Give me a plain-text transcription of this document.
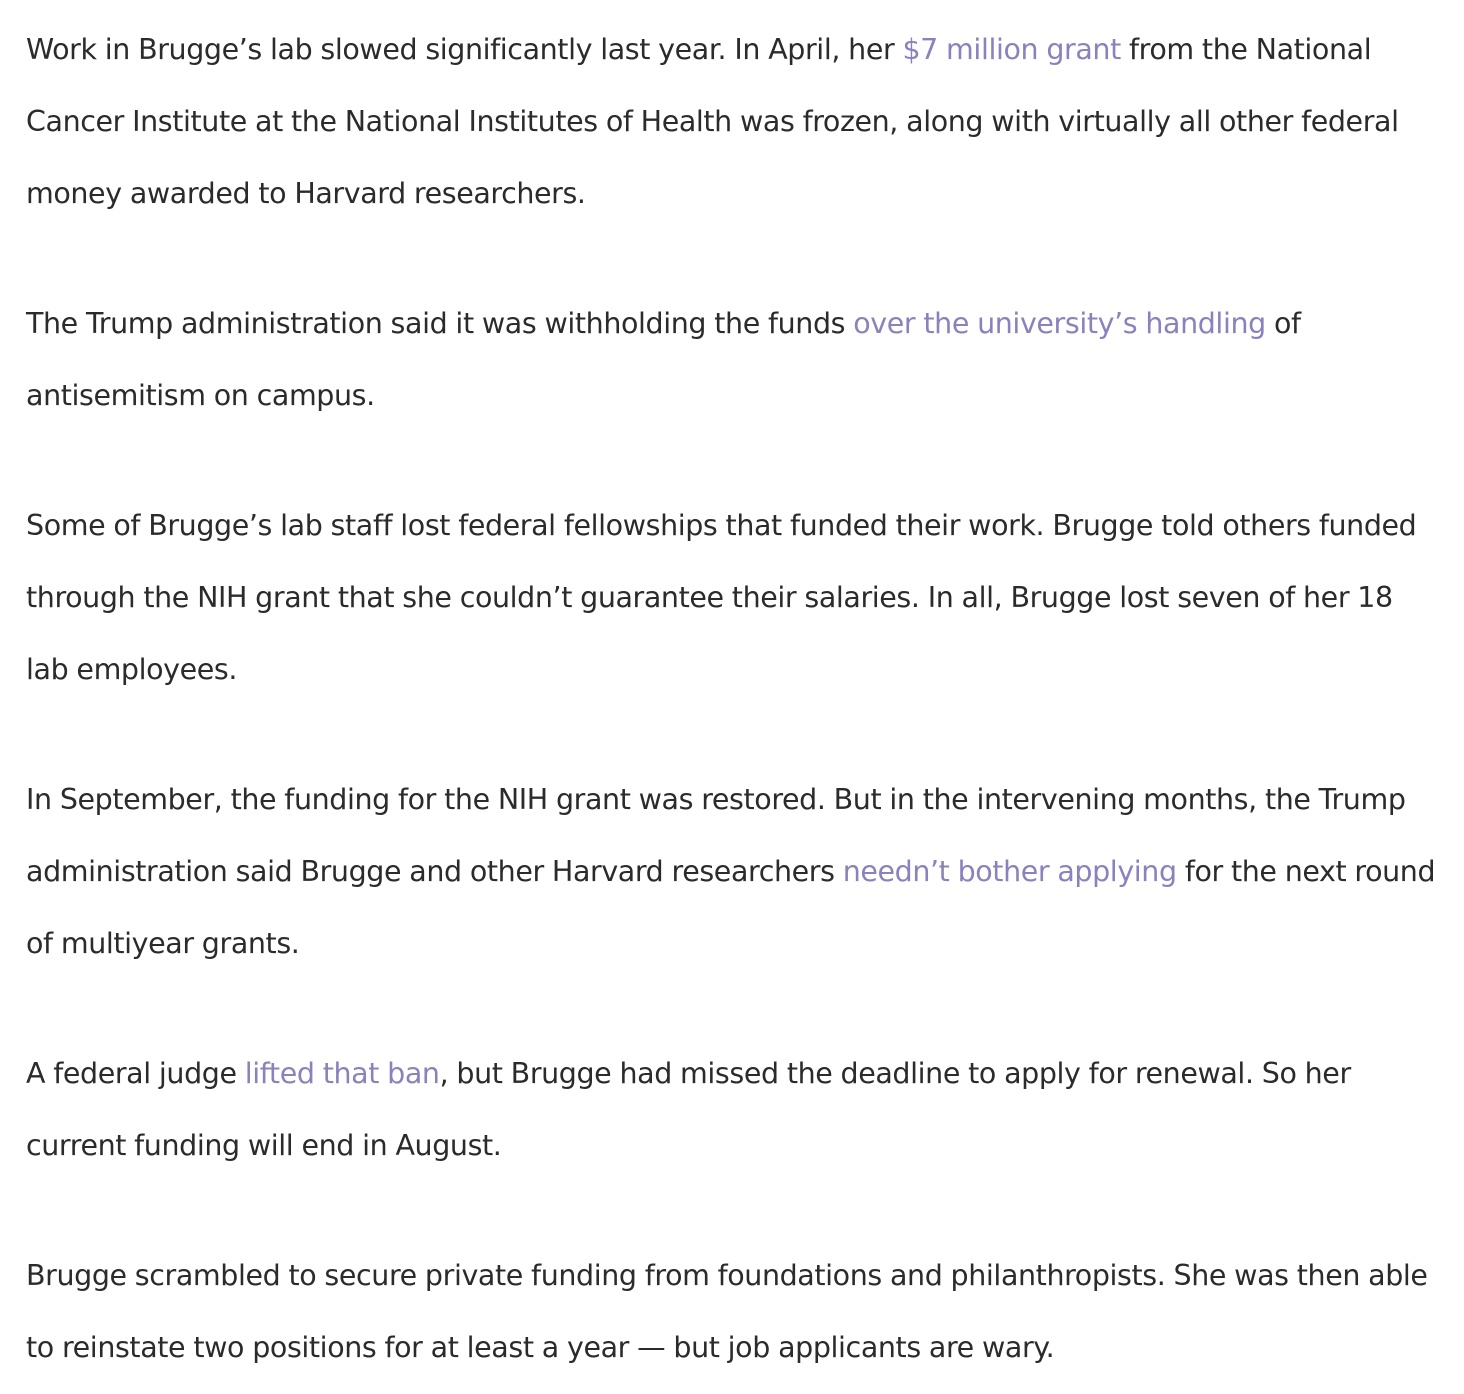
Work in Brugge’s lab slowed significantly last year. In April, her $7 million grant from the National Cancer Institute at the National Institutes of Health was frozen, along with virtually all other federal money awarded to Harvard researchers.

The Trump administration said it was withholding the funds over the university’s handling of antisemitism on campus.

Some of Brugge’s lab staff lost federal fellowships that funded their work. Brugge told others funded through the NIH grant that she couldn’t guarantee their salaries. In all, Brugge lost seven of her 18 lab employees.

In September, the funding for the NIH grant was restored. But in the intervening months, the Trump administration said Brugge and other Harvard researchers needn’t bother applying for the next round of multiyear grants.

A federal judge lifted that ban, but Brugge had missed the deadline to apply for renewal. So her current funding will end in August.

Brugge scrambled to secure private funding from foundations and philanthropists. She was then able to reinstate two positions for at least a year — but job applicants are wary.
